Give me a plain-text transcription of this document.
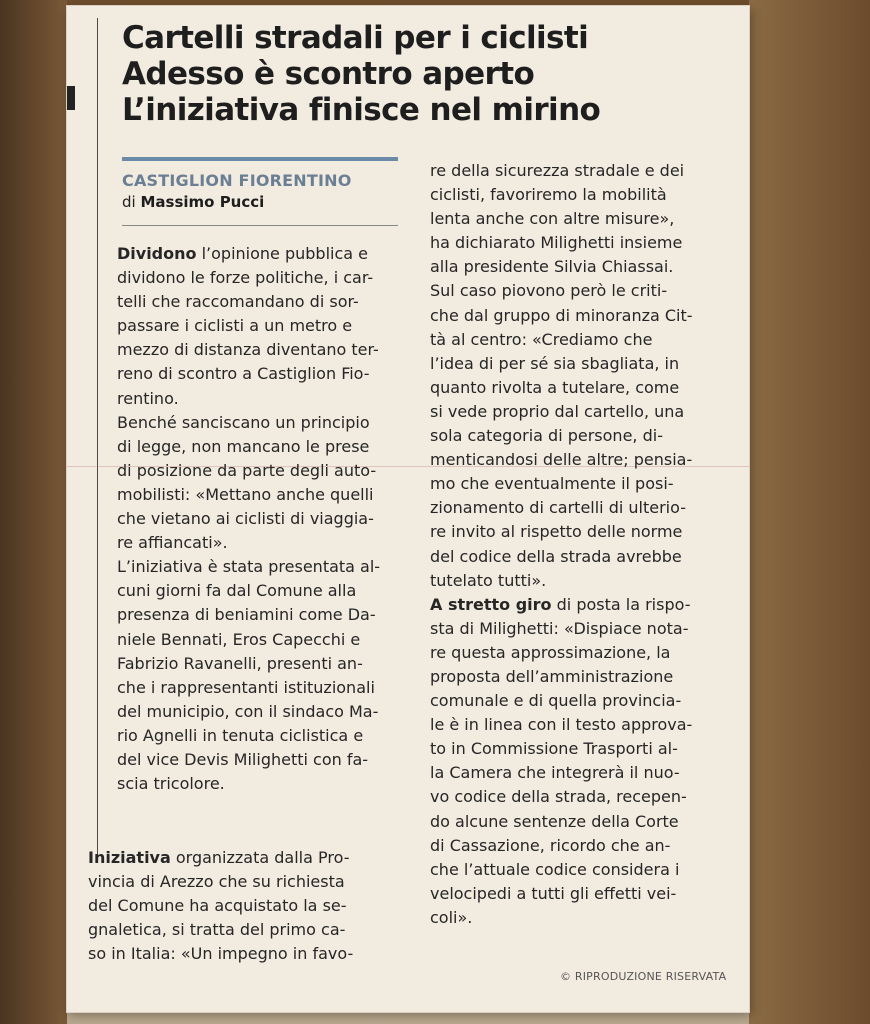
Cartelli stradali per i ciclisti
Adesso è scontro aperto
L’iniziativa finisce nel mirino
CASTIGLION FIORENTINO
di Massimo Pucci
Dividono l’opinione pubblica e
dividono le forze politiche, i car-
telli che raccomandano di sor-
passare i ciclisti a un metro e
mezzo di distanza diventano ter-
reno di scontro a Castiglion Fio-
rentino.
Benché sanciscano un principio
di legge, non mancano le prese
di posizione da parte degli auto-
mobilisti: «Mettano anche quelli
che vietano ai ciclisti di viaggia-
re affiancati».
L’iniziativa è stata presentata al-
cuni giorni fa dal Comune alla
presenza di beniamini come Da-
niele Bennati, Eros Capecchi e
Fabrizio Ravanelli, presenti an-
che i rappresentanti istituzionali
del municipio, con il sindaco Ma-
rio Agnelli in tenuta ciclistica e
del vice Devis Milighetti con fa-
scia tricolore.
Iniziativa organizzata dalla Pro-
vincia di Arezzo che su richiesta
del Comune ha acquistato la se-
gnaletica, si tratta del primo ca-
so in Italia: «Un impegno in favo-
re della sicurezza stradale e dei
ciclisti, favoriremo la mobilità
lenta anche con altre misure»,
ha dichiarato Milighetti insieme
alla presidente Silvia Chiassai.
Sul caso piovono però le criti-
che dal gruppo di minoranza Cit-
tà al centro: «Crediamo che
l’idea di per sé sia sbagliata, in
quanto rivolta a tutelare, come
si vede proprio dal cartello, una
sola categoria di persone, di-
menticandosi delle altre; pensia-
mo che eventualmente il posi-
zionamento di cartelli di ulterio-
re invito al rispetto delle norme
del codice della strada avrebbe
tutelato tutti».
A stretto giro di posta la rispo-
sta di Milighetti: «Dispiace nota-
re questa approssimazione, la
proposta dell’amministrazione
comunale e di quella provincia-
le è in linea con il testo approva-
to in Commissione Trasporti al-
la Camera che integrerà il nuo-
vo codice della strada, recepen-
do alcune sentenze della Corte
di Cassazione, ricordo che an-
che l’attuale codice considera i
velocipedi a tutti gli effetti vei-
coli».
© RIPRODUZIONE RISERVATA
